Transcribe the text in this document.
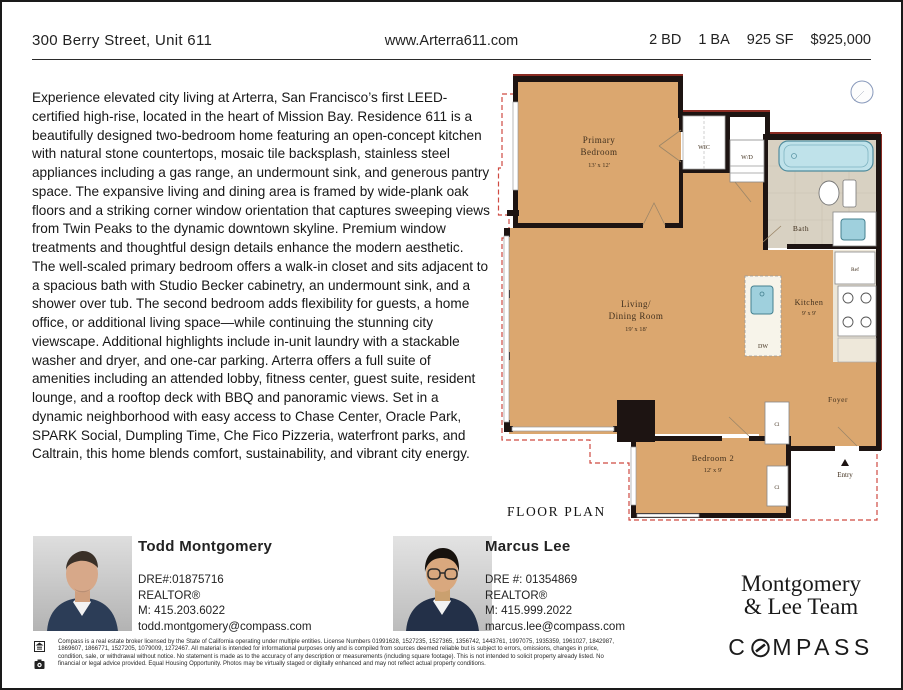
300 Berry Street, Unit 611	www.Arterra611.com	2 BD 1 BA 925 SF $925,000
Experience elevated city living at Arterra, San Francisco’s first LEED-certified high-rise, located in the heart of Mission Bay. Residence 611 is a beautifully designed two-bedroom home featuring an open-concept kitchen with natural stone countertops, mosaic tile backsplash, stainless steel appliances including a gas range, an undermount sink, and generous pantry space. The expansive living and dining area is framed by wide-plank oak floors and a striking corner window orientation that captures sweeping views from Twin Peaks to the dynamic downtown skyline. Premium window treatments and thoughtful design details enhance the modern aesthetic. The well-scaled primary bedroom offers a walk-in closet and sits adjacent to a spacious bath with Studio Becker cabinetry, an undermount sink, and a shower over tub. The second bedroom adds flexibility for guests, a home office, or additional living space—while continuing the stunning city viewscape. Additional highlights include in-unit laundry with a stackable washer and dryer, and one-car parking. Arterra offers a full suite of amenities including an attended lobby, fitness center, guest suite, resident lounge, and a rooftop deck with BBQ and panoramic views. Set in a dynamic neighborhood with easy access to Chase Center, Oracle Park, SPARK Social, Dumpling Time, Che Fico Pizzeria, waterfront parks, and Caltrain, this home blends comfort, sustainability, and vibrant city energy.
Primary
Bedroom
13' x 12'
Living/
Dining Room
19' x 18'
Bedroom 2
12' x 9'
Kitchen
9' x 9'
Bath
WIC
W/D
Ref
DW
Foyer
Cl
Cl
Entry
FLOOR PLAN
Todd Montgomery
DRE#:01875716
REALTOR®
M: 415.203.6022
todd.montgomery@compass.com
Marcus Lee
DRE #: 01354869
REALTOR®
M: 415.999.2022
marcus.lee@compass.com
Montgomery
& Lee Team
C MPASS

Compass is a real estate broker licensed by the State of California operating under multiple entities. License Numbers 01991628, 1527235, 1527365, 1356742, 1443761, 1997075, 1935359, 1961027, 1842987, 1869607, 1866771, 1527205, 1079009, 1272467. All material is intended for informational purposes only and is compiled from sources deemed reliable but is subject to errors, omissions, changes in price, condition, sale, or withdrawal without notice. No statement is made as to the accuracy of any description or measurements (including square footage). This is not intended to solicit property already listed. No financial or legal advice provided. Equal Housing Opportunity. Photos may be virtually staged or digitally enhanced and may not reflect actual property conditions.
